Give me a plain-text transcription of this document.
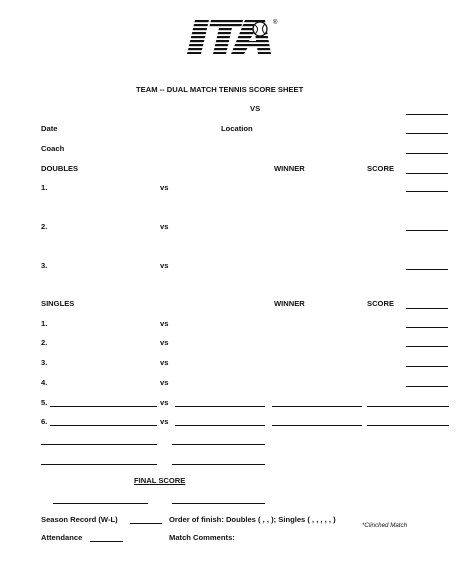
®
TEAM -- DUAL MATCH TENNIS SCORE SHEET
VS
Date	Location
Coach
DOUBLES	WINNER	SCORE
1.	vs
2.	vs
3.	vs
SINGLES	WINNER	SCORE
1.	vs
2.	vs
3.	vs
4.	vs
5.	vs
6.	vs
FINAL SCORE
Season Record (W-L)	Order of finish: Doubles ( , , ); Singles ( , , , , , )
*Clinched Match
Attendance	Match Comments:
